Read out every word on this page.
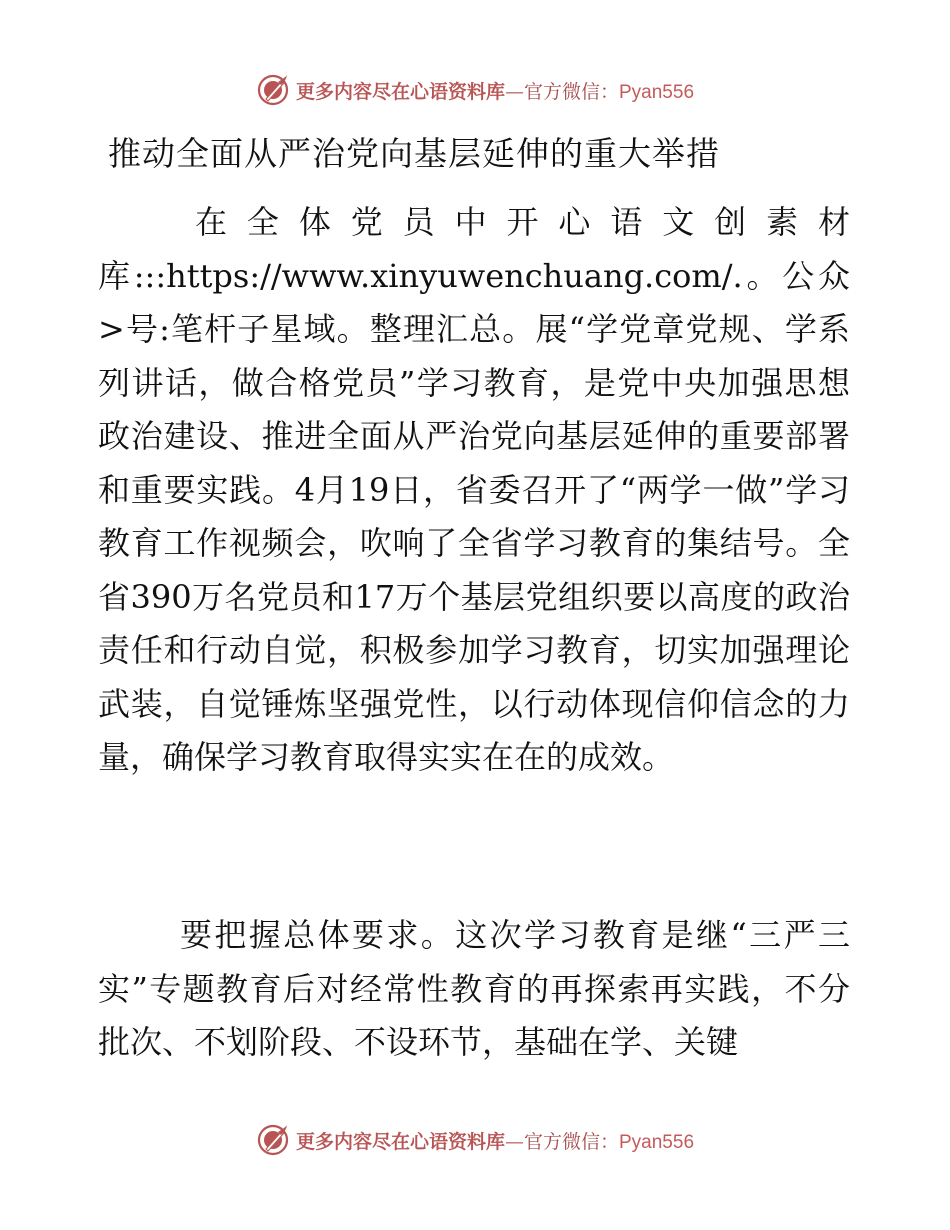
更多内容尽在心语资料库—官方微信：Pyan556
推动全面从严治党向基层延伸的重大举措

在全体党员中开心语文创素材库:::https://www.xinyuwenchuang.com/.。公众>号:笔杆子星域。整理汇总。展“学党章党规、学系列讲话，做合格党员”学习教育，是党中央加强思想政治建设、推进全面从严治党向基层延伸的重要部署和重要实践。4月19日，省委召开了“两学一做”学习教育工作视频会，吹响了全省学习教育的集结号。全省390万名党员和17万个基层党组织要以高度的政治责任和行动自觉，积极参加学习教育，切实加强理论武装，自觉锤炼坚强党性，以行动体现信仰信念的力量，确保学习教育取得实实在在的成效。

要把握总体要求。这次学习教育是继“三严三实”专题教育后对经常性教育的再探索再实践，不分批次、不划阶段、不设环节，基础在学、关键

更多内容尽在心语资料库—官方微信：Pyan556
